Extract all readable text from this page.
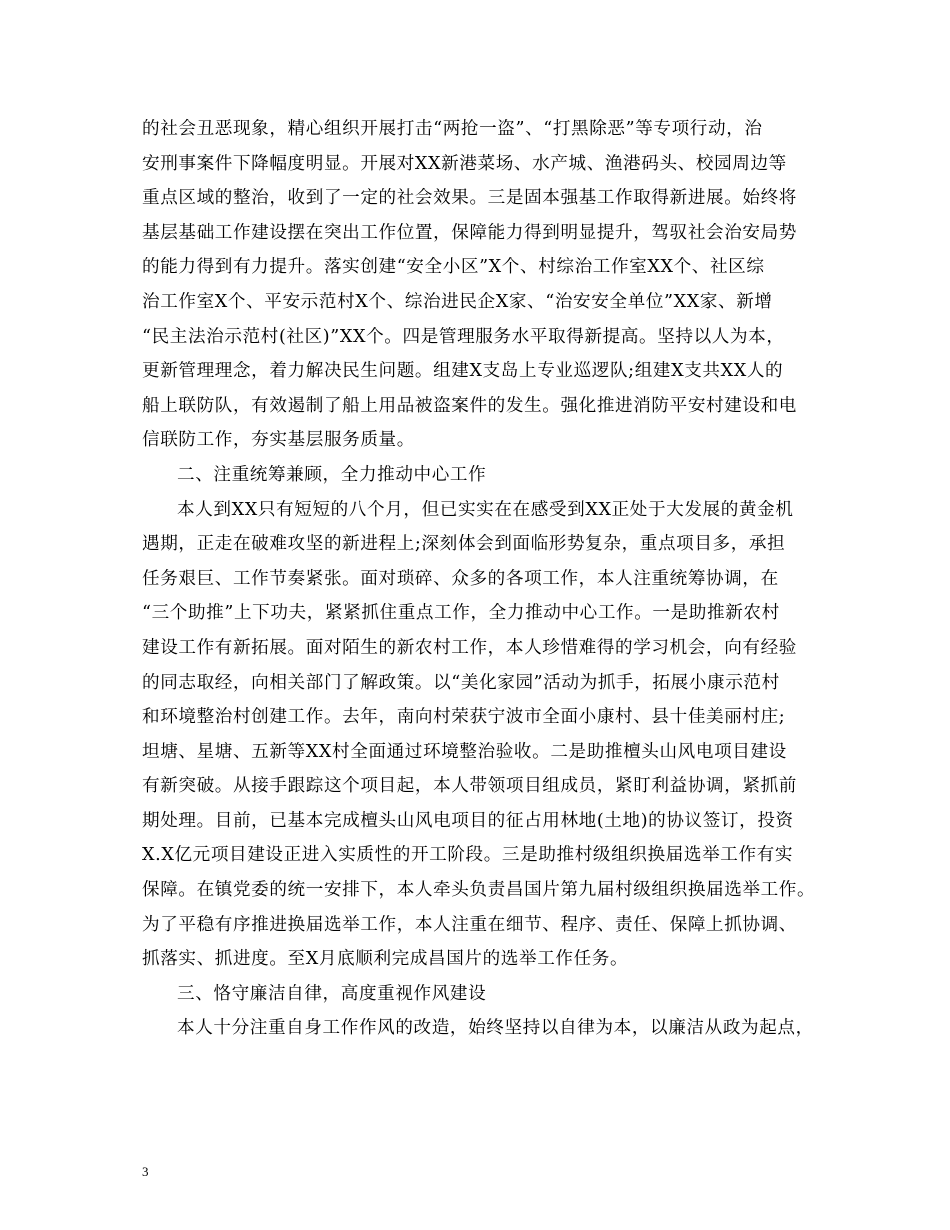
的社会丑恶现象，精心组织开展打击“两抢一盗”、“打黑除恶”等专项行动，治
安刑事案件下降幅度明显。开展对XX新港菜场、水产城、渔港码头、校园周边等
重点区域的整治，收到了一定的社会效果。三是固本强基工作取得新进展。始终将
基层基础工作建设摆在突出工作位置，保障能力得到明显提升，驾驭社会治安局势
的能力得到有力提升。落实创建“安全小区”X个、村综治工作室XX个、社区综
治工作室X个、平安示范村X个、综治进民企X家、“治安安全单位”XX家、新增
“民主法治示范村(社区)”XX个。四是管理服务水平取得新提高。坚持以人为本，
更新管理理念，着力解决民生问题。组建X支岛上专业巡逻队;组建X支共XX人的
船上联防队，有效遏制了船上用品被盗案件的发生。强化推进消防平安村建设和电
信联防工作，夯实基层服务质量。
二、注重统筹兼顾，全力推动中心工作
本人到XX只有短短的八个月，但已实实在在感受到XX正处于大发展的黄金机
遇期，正走在破难攻坚的新进程上;深刻体会到面临形势复杂，重点项目多，承担
任务艰巨、工作节奏紧张。面对琐碎、众多的各项工作，本人注重统筹协调，在
“三个助推”上下功夫，紧紧抓住重点工作，全力推动中心工作。一是助推新农村
建设工作有新拓展。面对陌生的新农村工作，本人珍惜难得的学习机会，向有经验
的同志取经，向相关部门了解政策。以“美化家园”活动为抓手，拓展小康示范村
和环境整治村创建工作。去年，南向村荣获宁波市全面小康村、县十佳美丽村庄;
坦塘、星塘、五新等XX村全面通过环境整治验收。二是助推檀头山风电项目建设
有新突破。从接手跟踪这个项目起，本人带领项目组成员，紧盯利益协调，紧抓前
期处理。目前，已基本完成檀头山风电项目的征占用林地(土地)的协议签订，投资
X.X亿元项目建设正进入实质性的开工阶段。三是助推村级组织换届选举工作有实
保障。在镇党委的统一安排下，本人牵头负责昌国片第九届村级组织换届选举工作。
为了平稳有序推进换届选举工作，本人注重在细节、程序、责任、保障上抓协调、
抓落实、抓进度。至X月底顺利完成昌国片的选举工作任务。
三、恪守廉洁自律，高度重视作风建设
本人十分注重自身工作作风的改造，始终坚持以自律为本，以廉洁从政为起点，
3
